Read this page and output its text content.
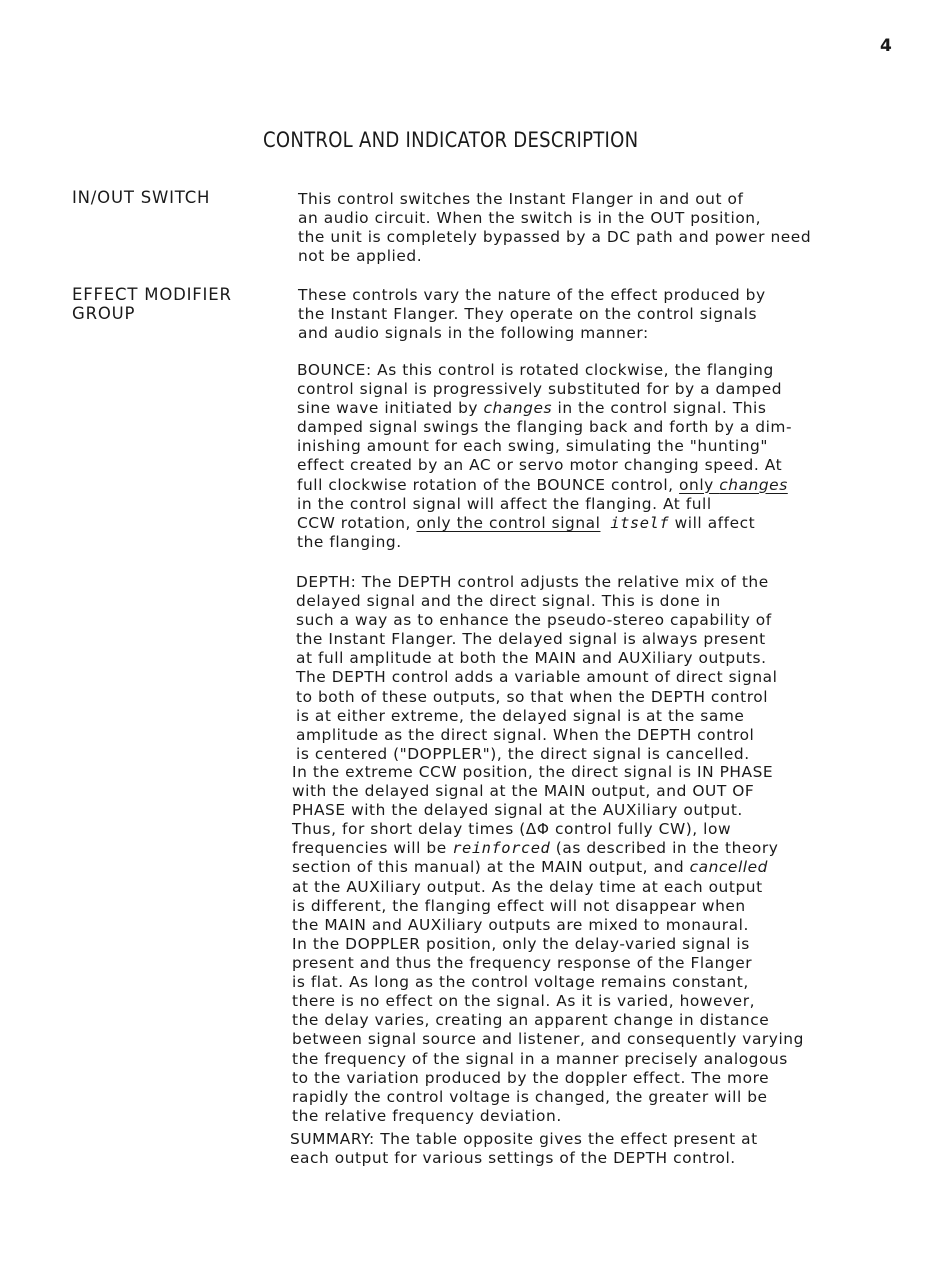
4
CONTROL AND INDICATOR DESCRIPTION
IN/OUT SWITCH	This control switches the Instant Flanger in and out of
an audio circuit. When the switch is in the OUT position,
the unit is completely bypassed by a DC path and power need
not be applied.
EFFECT MODIFIER GROUP
These controls vary the nature of the effect produced by
the Instant Flanger. They operate on the control signals
and audio signals in the following manner:
BOUNCE: As this control is rotated clockwise, the flanging
control signal is progressively substituted for by a damped
sine wave initiated by changes in the control signal. This
damped signal swings the flanging back and forth by a dim-
inishing amount for each swing, simulating the "hunting"
effect created by an AC or servo motor changing speed. At
full clockwise rotation of the BOUNCE control, only changes
in the control signal will affect the flanging. At full
CCW rotation, only the control signal itself will affect
the flanging.
DEPTH: The DEPTH control adjusts the relative mix of the
delayed signal and the direct signal. This is done in
such a way as to enhance the pseudo-stereo capability of
the Instant Flanger. The delayed signal is always present
at full amplitude at both the MAIN and AUXiliary outputs.
The DEPTH control adds a variable amount of direct signal
to both of these outputs, so that when the DEPTH control
is at either extreme, the delayed signal is at the same
amplitude as the direct signal. When the DEPTH control
is centered ("DOPPLER"), the direct signal is cancelled.
In the extreme CCW position, the direct signal is IN PHASE
with the delayed signal at the MAIN output, and OUT OF
PHASE with the delayed signal at the AUXiliary output.
Thus, for short delay times (ΔΦ control fully CW), low
frequencies will be reinforced (as described in the theory
section of this manual) at the MAIN output, and cancelled
at the AUXiliary output. As the delay time at each output
is different, the flanging effect will not disappear when
the MAIN and AUXiliary outputs are mixed to monaural.
In the DOPPLER position, only the delay-varied signal is
present and thus the frequency response of the Flanger
is flat. As long as the control voltage remains constant,
there is no effect on the signal. As it is varied, however,
the delay varies, creating an apparent change in distance
between signal source and listener, and consequently varying
the frequency of the signal in a manner precisely analogous
to the variation produced by the doppler effect. The more
rapidly the control voltage is changed, the greater will be
the relative frequency deviation.
SUMMARY: The table opposite gives the effect present at
each output for various settings of the DEPTH control.
